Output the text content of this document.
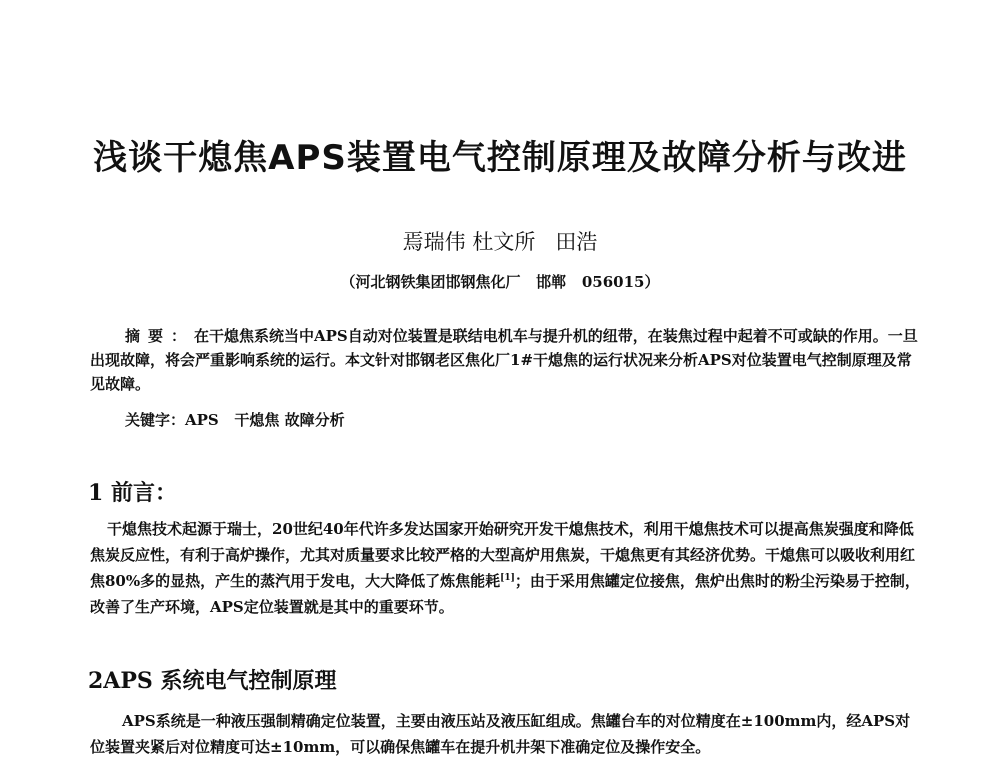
浅谈干熄焦APS装置电气控制原理及故障分析与改进
焉瑞伟 杜文所   田浩
（河北钢铁集团邯钢焦化厂   邯郸   056015）
摘要：在干熄焦系统当中APS自动对位装置是联结电机车与提升机的纽带，在装焦过程中起着不可或缺的作用。一旦出现故障，将会严重影响系统的运行。本文针对邯钢老区焦化厂1#干熄焦的运行状况来分析APS对位装置电气控制原理及常见故障。
关键字：APS   干熄焦 故障分析
1 前言：
干熄焦技术起源于瑞士，20世纪40年代许多发达国家开始研究开发干熄焦技术，利用干熄焦技术可以提高焦炭强度和降低焦炭反应性，有利于高炉操作，尤其对质量要求比较严格的大型高炉用焦炭，干熄焦更有其经济优势。干熄焦可以吸收利用红焦80%多的显热，产生的蒸汽用于发电，大大降低了炼焦能耗[1]；由于采用焦罐定位接焦，焦炉出焦时的粉尘污染易于控制，改善了生产环境，APS定位装置就是其中的重要环节。
2APS 系统电气控制原理
APS系统是一种液压强制精确定位装置，主要由液压站及液压缸组成。焦罐台车的对位精度在±100mm内，经APS对位装置夹紧后对位精度可达±10mm，可以确保焦罐车在提升机井架下准确定位及操作安全。
